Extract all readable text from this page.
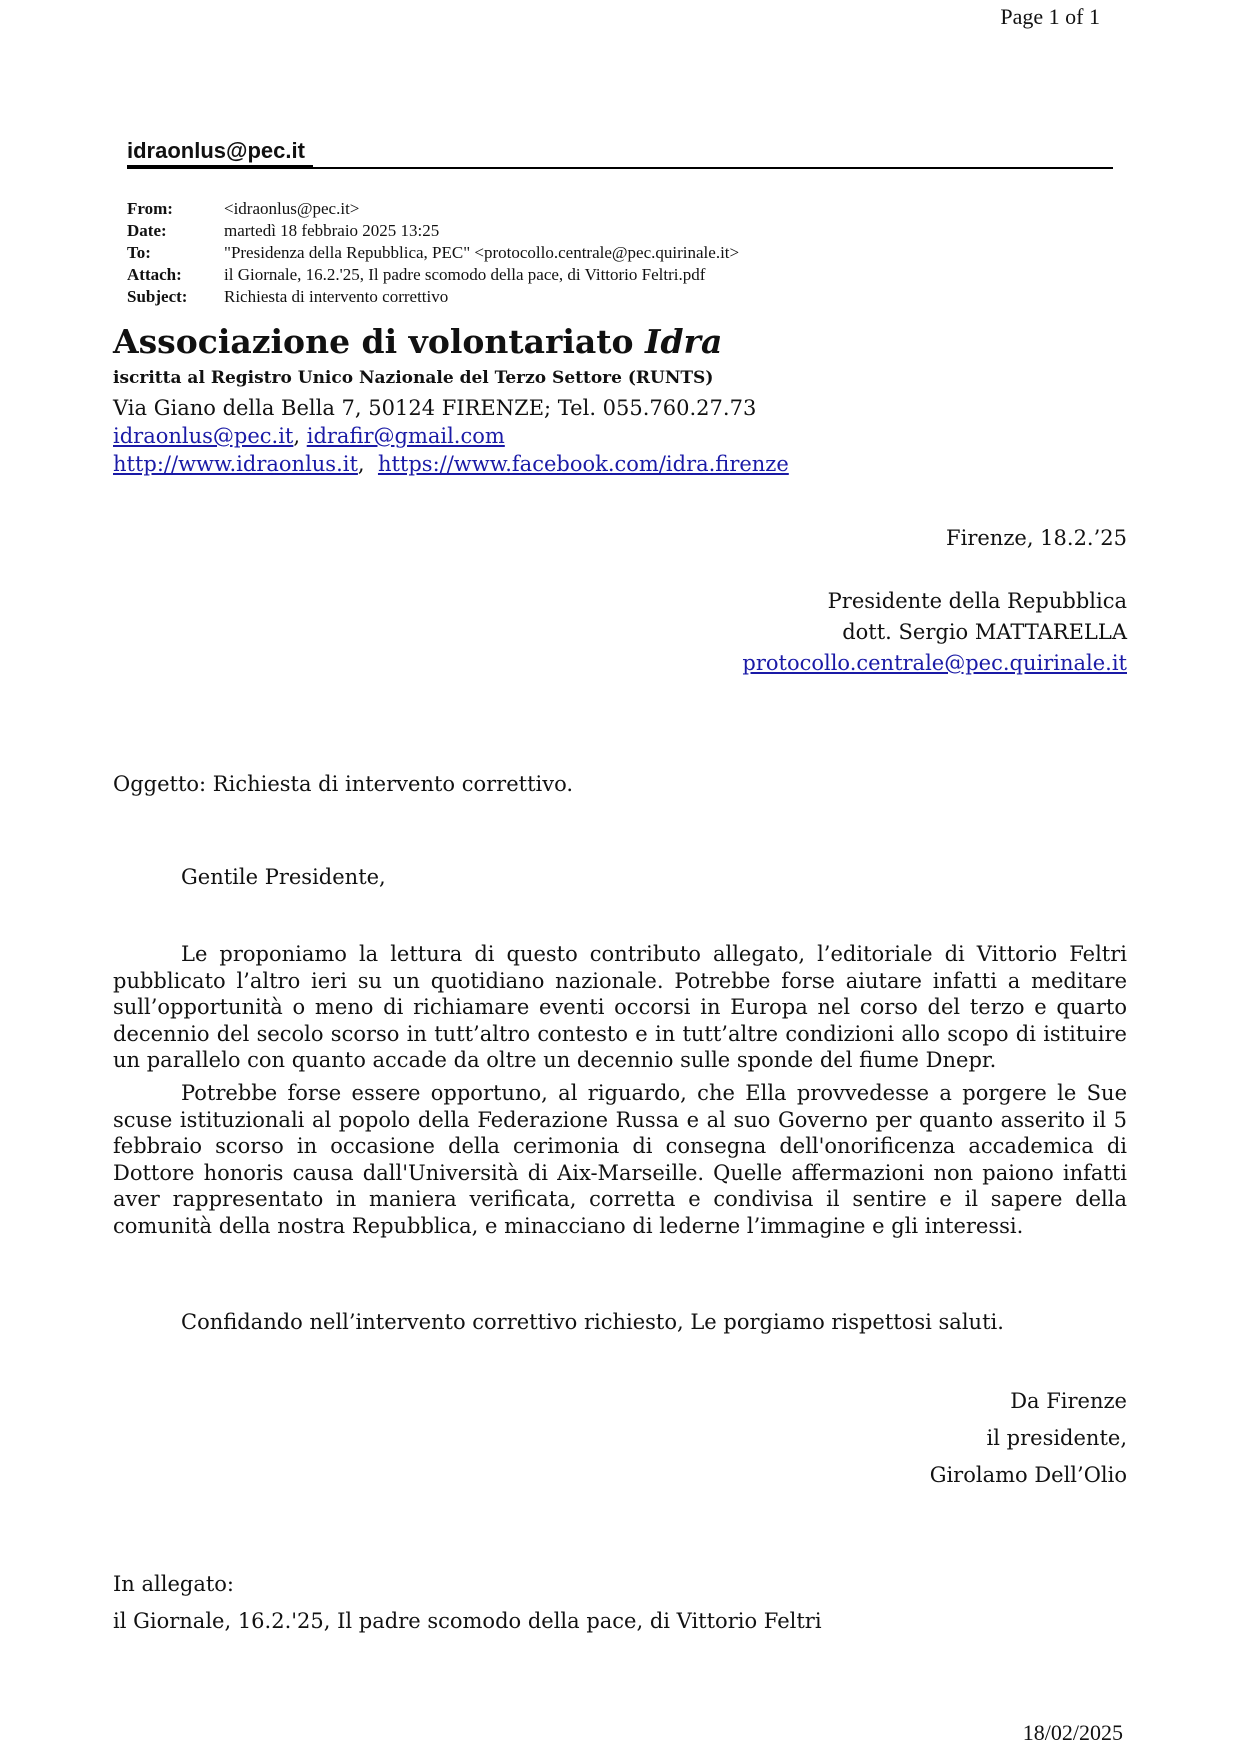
Page 1 of 1
idraonlus@pec.it
From:	<idraonlus@pec.it>
Date:	martedì 18 febbraio 2025 13:25
To:	"Presidenza della Repubblica, PEC" <protocollo.centrale@pec.quirinale.it>
Attach:	il Giornale, 16.2.'25, Il padre scomodo della pace, di Vittorio Feltri.pdf
Subject:	Richiesta di intervento correttivo
Associazione di volontariato Idra
iscritta al Registro Unico Nazionale del Terzo Settore (RUNTS)
Via Giano della Bella 7, 50124 FIRENZE; Tel. 055.760.27.73
idraonlus@pec.it, idrafir@gmail.com
http://www.idraonlus.it,  https://www.facebook.com/idra.firenze
Firenze, 18.2.’25
Presidente della Repubblica
dott. Sergio MATTARELLA
protocollo.centrale@pec.quirinale.it
Oggetto: Richiesta di intervento correttivo.
Gentile Presidente,

Le proponiamo la lettura di questo contributo allegato, l’editoriale di Vittorio Feltri pubblicato l’altro ieri su un quotidiano nazionale. Potrebbe forse aiutare infatti a meditare sull’opportunità o meno di richiamare eventi occorsi in Europa nel corso del terzo e quarto decennio del secolo scorso in tutt’altro contesto e in tutt’altre condizioni allo scopo di istituire un parallelo con quanto accade da oltre un decennio sulle sponde del fiume Dnepr.

Potrebbe forse essere opportuno, al riguardo, che Ella provvedesse a porgere le Sue scuse istituzionali al popolo della Federazione Russa e al suo Governo per quanto asserito il 5 febbraio scorso in occasione della cerimonia di consegna dell'onorificenza accademica di Dottore honoris causa dall'Università di Aix-Marseille. Quelle affermazioni non paiono infatti aver rappresentato in maniera verificata, corretta e condivisa il sentire e il sapere della comunità della nostra Repubblica, e minacciano di lederne l’immagine e gli interessi.

Confidando nell’intervento correttivo richiesto, Le porgiamo rispettosi saluti.
Da Firenze
il presidente,
Girolamo Dell’Olio
In allegato:
il Giornale, 16.2.'25, Il padre scomodo della pace, di Vittorio Feltri
18/02/2025
